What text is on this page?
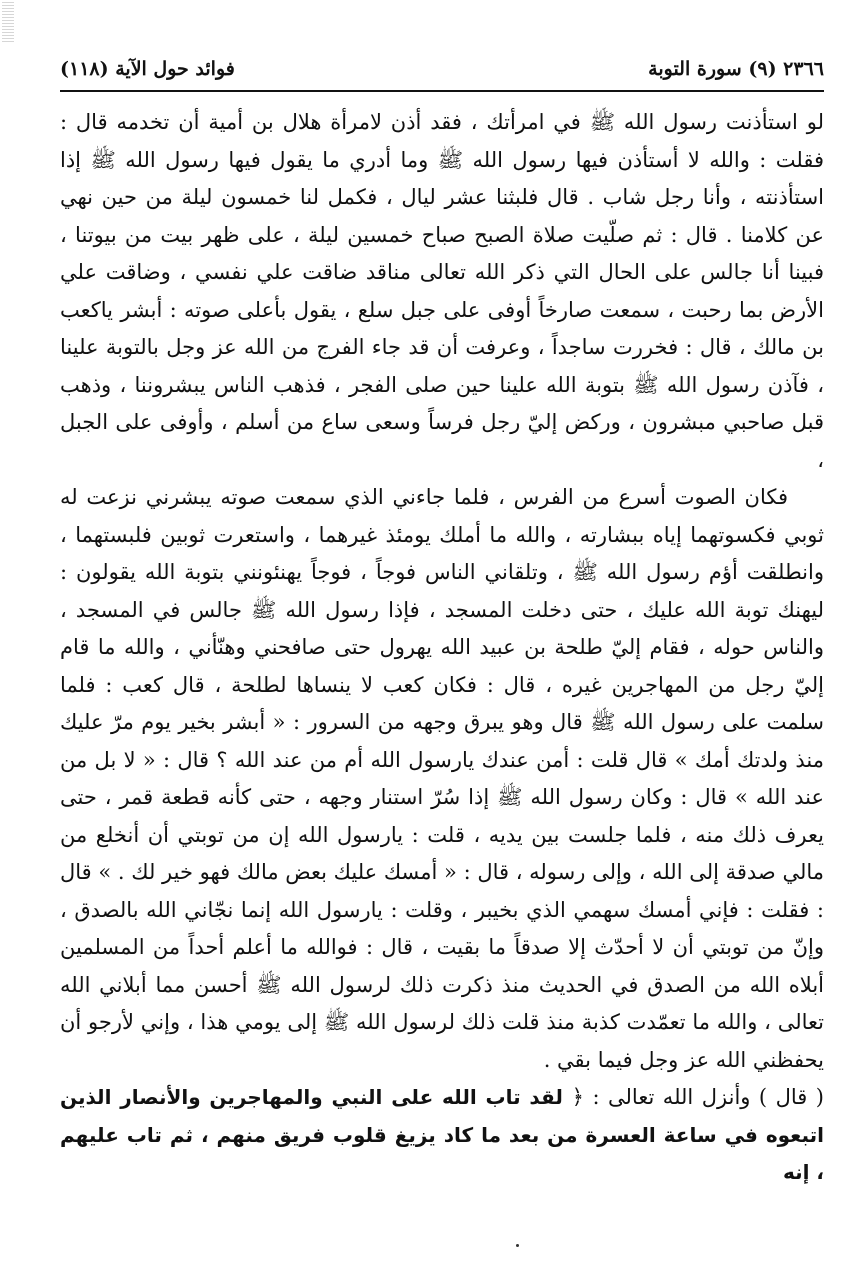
٢٣٦٦ (٩) سورة التوبة
فوائد حول الآية (١١٨)

لو استأذنت رسول الله ﷺ في امرأتك ، فقد أذن لامرأة هلال بن أمية أن تخدمه قال : فقلت : والله لا أستأذن فيها رسول الله ﷺ وما أدري ما يقول فيها رسول الله ﷺ إذا استأذنته ، وأنا رجل شاب . قال فلبثنا عشر ليال ، فكمل لنا خمسون ليلة من حين نهي عن كلامنا . قال : ثم صلّيت صلاة الصبح صباح خمسين ليلة ، على ظهر بيت من بيوتنا ، فبينا أنا جالس على الحال التي ذكر الله تعالى مناقد ضاقت علي نفسي ، وضاقت علي الأرض بما رحبت ، سمعت صارخاً أوفى على جبل سلع ، يقول بأعلى صوته : أبشر ياكعب بن مالك ، قال : فخررت ساجداً ، وعرفت أن قد جاء الفرج من الله عز وجل بالتوبة علينا ، فآذن رسول الله ﷺ بتوبة الله علينا حين صلى الفجر ، فذهب الناس يبشروننا ، وذهب قبل صاحبي مبشرون ، وركض إليّ رجل فرساً وسعى ساع من أسلم ، وأوفى على الجبل ،

فكان الصوت أسرع من الفرس ، فلما جاءني الذي سمعت صوته يبشرني نزعت له ثوبي فكسوتهما إياه ببشارته ، والله ما أملك يومئذ غيرهما ، واستعرت ثوبين فلبستهما ، وانطلقت أؤم رسول الله ﷺ ، وتلقاني الناس فوجاً ، فوجاً يهنئونني بتوبة الله يقولون : ليهنك توبة الله عليك ، حتى دخلت المسجد ، فإذا رسول الله ﷺ جالس في المسجد ، والناس حوله ، فقام إليّ طلحة بن عبيد الله يهرول حتى صافحني وهنّأني ، والله ما قام إليّ رجل من المهاجرين غيره ، قال : فكان كعب لا ينساها لطلحة ، قال كعب : فلما سلمت على رسول الله ﷺ قال وهو يبرق وجهه من السرور : « أبشر بخير يوم مرّ عليك منذ ولدتك أمك » قال قلت : أمن عندك يارسول الله أم من عند الله ؟ قال : « لا بل من عند الله » قال : وكان رسول الله ﷺ إذا سُرّ استنار وجهه ، حتى كأنه قطعة قمر ، حتى يعرف ذلك منه ، فلما جلست بين يديه ، قلت : يارسول الله إن من توبتي أن أنخلع من مالي صدقة إلى الله ، وإلى رسوله ، قال : « أمسك عليك بعض مالك فهو خير لك . » قال : فقلت : فإني أمسك سهمي الذي بخيبر ، وقلت : يارسول الله إنما نجّاني الله بالصدق ، وإنّ من توبتي أن لا أحدّث إلا صدقاً ما بقيت ، قال : فوالله ما أعلم أحداً من المسلمين أبلاه الله من الصدق في الحديث منذ ذكرت ذلك لرسول الله ﷺ أحسن مما أبلاني الله تعالى ، والله ما تعمّدت كذبة منذ قلت ذلك لرسول الله ﷺ إلى يومي هذا ، وإني لأرجو أن يحفظني الله عز وجل فيما بقي .

( قال ) وأنزل الله تعالى : ﴿ لقد تاب الله على النبي والمهاجرين والأنصار الذين اتبعوه في ساعة العسرة من بعد ما كاد يزيغ قلوب فريق منهم ، ثم تاب عليهم ، إنه
